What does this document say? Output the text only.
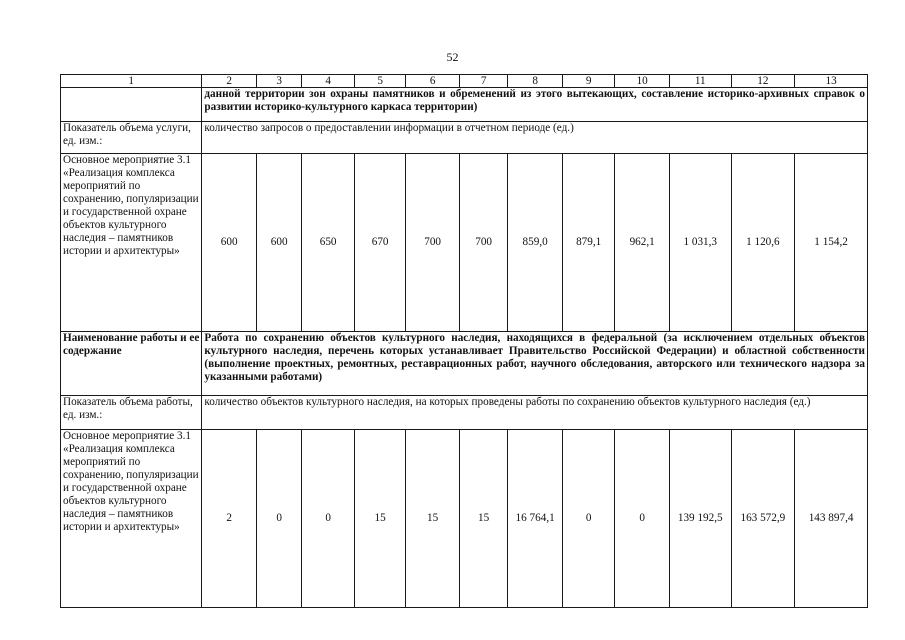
52
1	2	3	4	5	6	7	8	9	10	11	12	13
	данной территории зон охраны памятников и обременений из этого вытекающих, составление историко-архивных справок о развитии историко-культурного каркаса территории)											
Показатель объема услуги, ед. изм.:	количество запросов о предоставлении информации в отчетном периоде (ед.)											
Основное мероприятие 3.1 «Реализация комплекса мероприятий по сохранению, популяризации и государственной охране объектов культурного наследия – памятников истории и архитектуры»	600	600	650	670	700	700	859,0	879,1	962,1	1 031,3	1 120,6	1 154,2
Наименование работы и ее содержание	Работа по сохранению объектов культурного наследия, находящихся в федеральной (за исключением отдельных объектов культурного наследия, перечень которых устанавливает Правительство Российской Федерации) и областной собственности (выполнение проектных, ремонтных, реставрационных работ, научного обследования, авторского или технического надзора за указанными работами)											
Показатель объема работы, ед. изм.:	количество объектов культурного наследия, на которых проведены работы по сохранению объектов культурного наследия (ед.)											
Основное мероприятие 3.1 «Реализация комплекса мероприятий по сохранению, популяризации и государственной охране объектов культурного наследия – памятников истории и архитектуры»	2	0	0	15	15	15	16 764,1	0	0	139 192,5	163 572,9	143 897,4
